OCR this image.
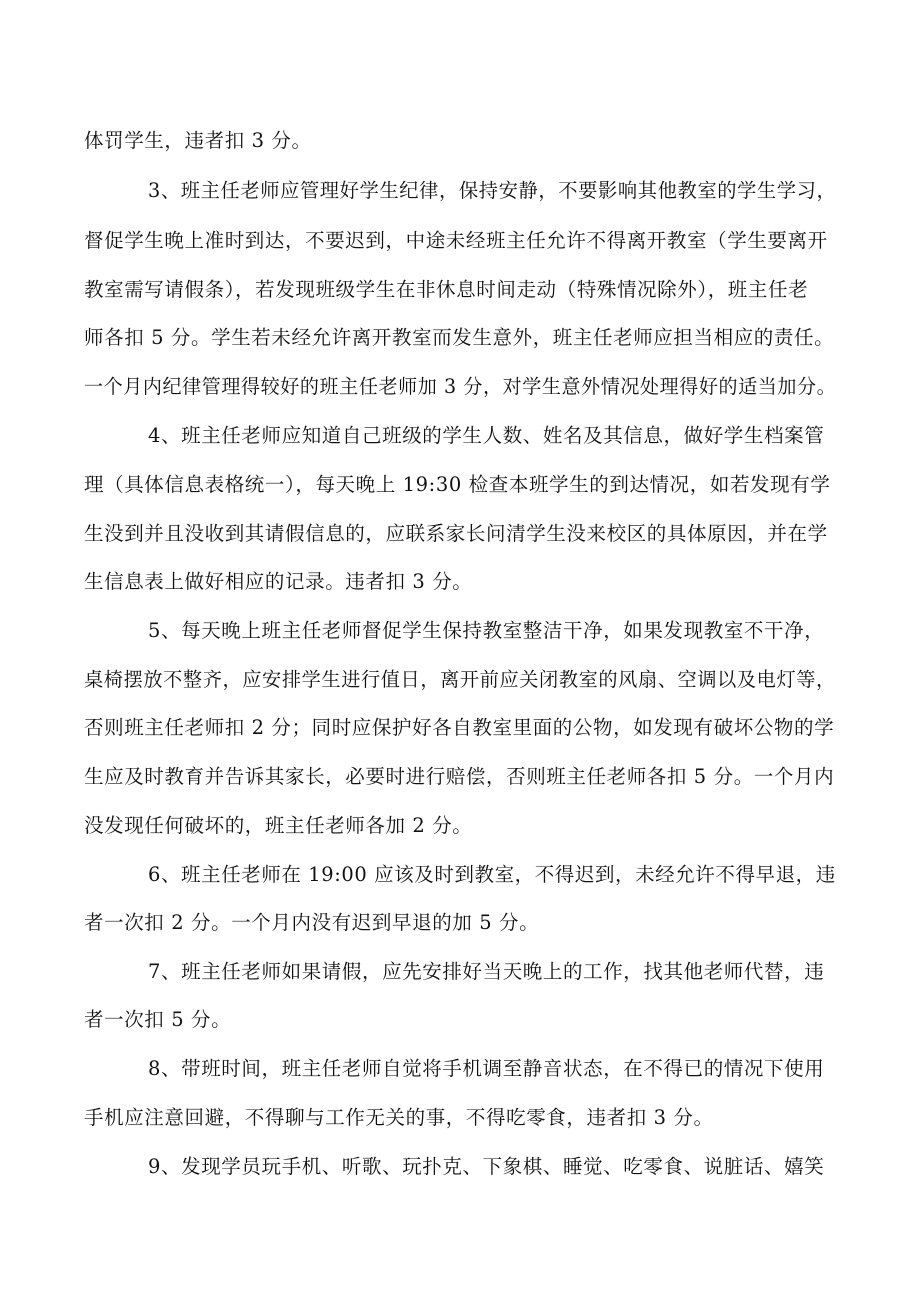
体罚学生，违者扣 3 分。
3、班主任老师应管理好学生纪律，保持安静，不要影响其他教室的学生学习，
督促学生晚上准时到达，不要迟到，中途未经班主任允许不得离开教室（学生要离开
教室需写请假条），若发现班级学生在非休息时间走动（特殊情况除外），班主任老
师各扣 5 分。学生若未经允许离开教室而发生意外，班主任老师应担当相应的责任。
一个月内纪律管理得较好的班主任老师加 3 分，对学生意外情况处理得好的适当加分。
4、班主任老师应知道自己班级的学生人数、姓名及其信息，做好学生档案管
理（具体信息表格统一），每天晚上 19:30 检查本班学生的到达情况，如若发现有学
生没到并且没收到其请假信息的，应联系家长问清学生没来校区的具体原因，并在学
生信息表上做好相应的记录。违者扣 3 分。
5、每天晚上班主任老师督促学生保持教室整洁干净，如果发现教室不干净，
桌椅摆放不整齐，应安排学生进行值日，离开前应关闭教室的风扇、空调以及电灯等，
否则班主任老师扣 2 分；同时应保护好各自教室里面的公物，如发现有破坏公物的学
生应及时教育并告诉其家长，必要时进行赔偿，否则班主任老师各扣 5 分。一个月内
没发现任何破坏的，班主任老师各加 2 分。
6、班主任老师在 19:00 应该及时到教室，不得迟到，未经允许不得早退，违
者一次扣 2 分。一个月内没有迟到早退的加 5 分。
7、班主任老师如果请假，应先安排好当天晚上的工作，找其他老师代替，违
者一次扣 5 分。
8、带班时间，班主任老师自觉将手机调至静音状态，在不得已的情况下使用
手机应注意回避，不得聊与工作无关的事，不得吃零食，违者扣 3 分。
9、发现学员玩手机、听歌、玩扑克、下象棋、睡觉、吃零食、说脏话、嬉笑
